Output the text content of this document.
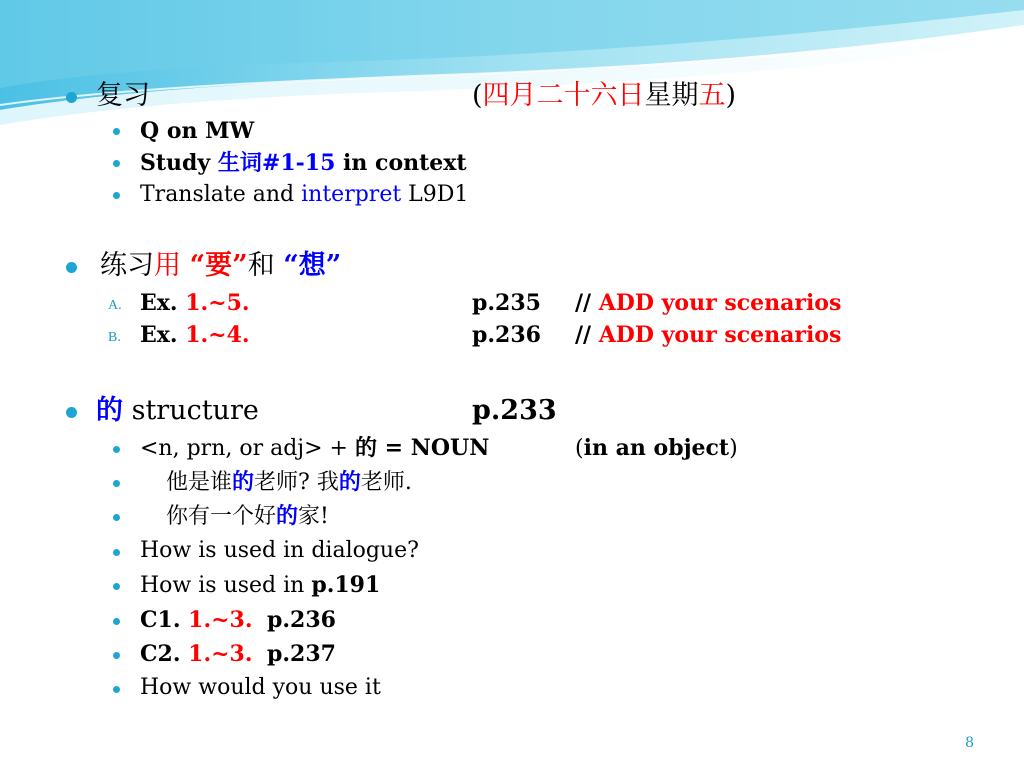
复习	(四月二十六日星期五)
Q on MW
Study 生词#1-15 in context
Translate and interpret L9D1
练习用 “要”和 “想”
A. Ex. 1.~5.	p.235 // ADD your scenarios
B. Ex. 1.~4.	p.236 // ADD your scenarios
的 structure	p.233
<n, prn, or adj> + 的 = NOUN	(in an object)
他是谁的老师? 我的老师.
你有一个好的家!
How is used in dialogue?
How is used in p.191
C1. 1.~3. p.236
C2. 1.~3. p.237
How would you use it
8
